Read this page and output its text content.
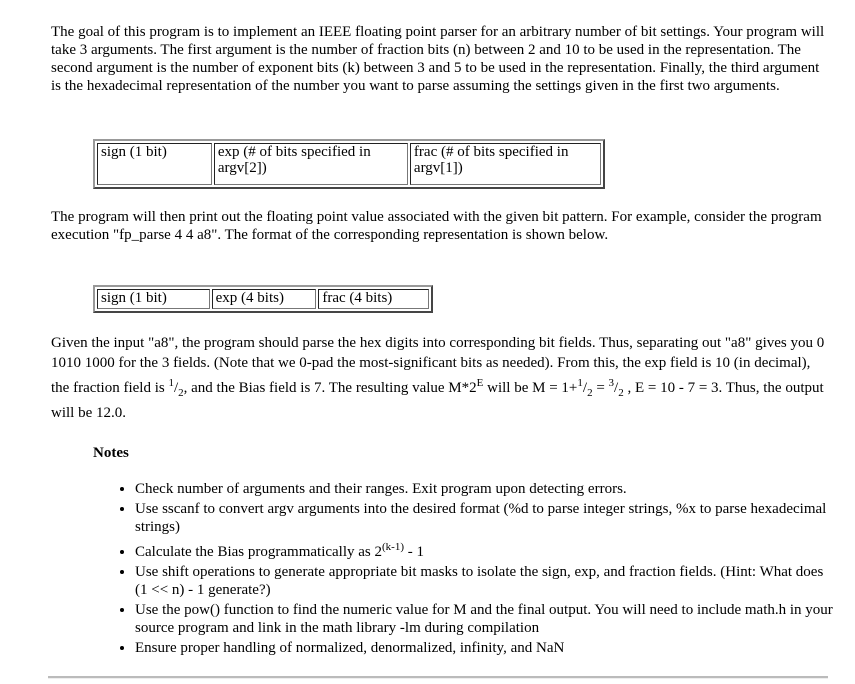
The goal of this program is to implement an IEEE floating point parser for an arbitrary number of bit settings. Your program will take 3 arguments. The first argument is the number of fraction bits (n) between 2 and 10 to be used in the representation. The second argument is the number of exponent bits (k) between 3 and 5 to be used in the representation. Finally, the third argument is the hexadecimal representation of the number you want to parse assuming the settings given in the first two arguments.

sign (1 bit)	exp (# of bits specified in argv[2])	frac (# of bits specified in argv[1])

The program will then print out the floating point value associated with the given bit pattern. For example, consider the program execution "fp_parse 4 4 a8". The format of the corresponding representation is shown below.

sign (1 bit)	exp (4 bits)	frac (4 bits)

Given the input "a8", the program should parse the hex digits into corresponding bit fields. Thus, separating out "a8" gives you 0 1010 1000 for the 3 fields. (Note that we 0-pad the most-significant bits as needed). From this, the exp field is 10 (in decimal), the fraction field is $^1/_2$, and the Bias field is 7. The resulting value $M*2^E$ will be $M = 1+^1/_2 = ^3/_2$ , E = 10 - 7 = 3. Thus, the output will be 12.0.

Notes
• Check number of arguments and their ranges. Exit program upon detecting errors.
• Use sscanf to convert argv arguments into the desired format (%d to parse integer strings, %x to parse hexadecimal strings)
• Calculate the Bias programmatically as 2$^{(k-1)}$ - 1
• Use shift operations to generate appropriate bit masks to isolate the sign, exp, and fraction fields. (Hint: What does (1 << n) - 1 generate?)
• Use the pow() function to find the numeric value for M and the final output. You will need to include math.h in your source program and link in the math library -lm during compilation
• Ensure proper handling of normalized, denormalized, infinity, and NaN
